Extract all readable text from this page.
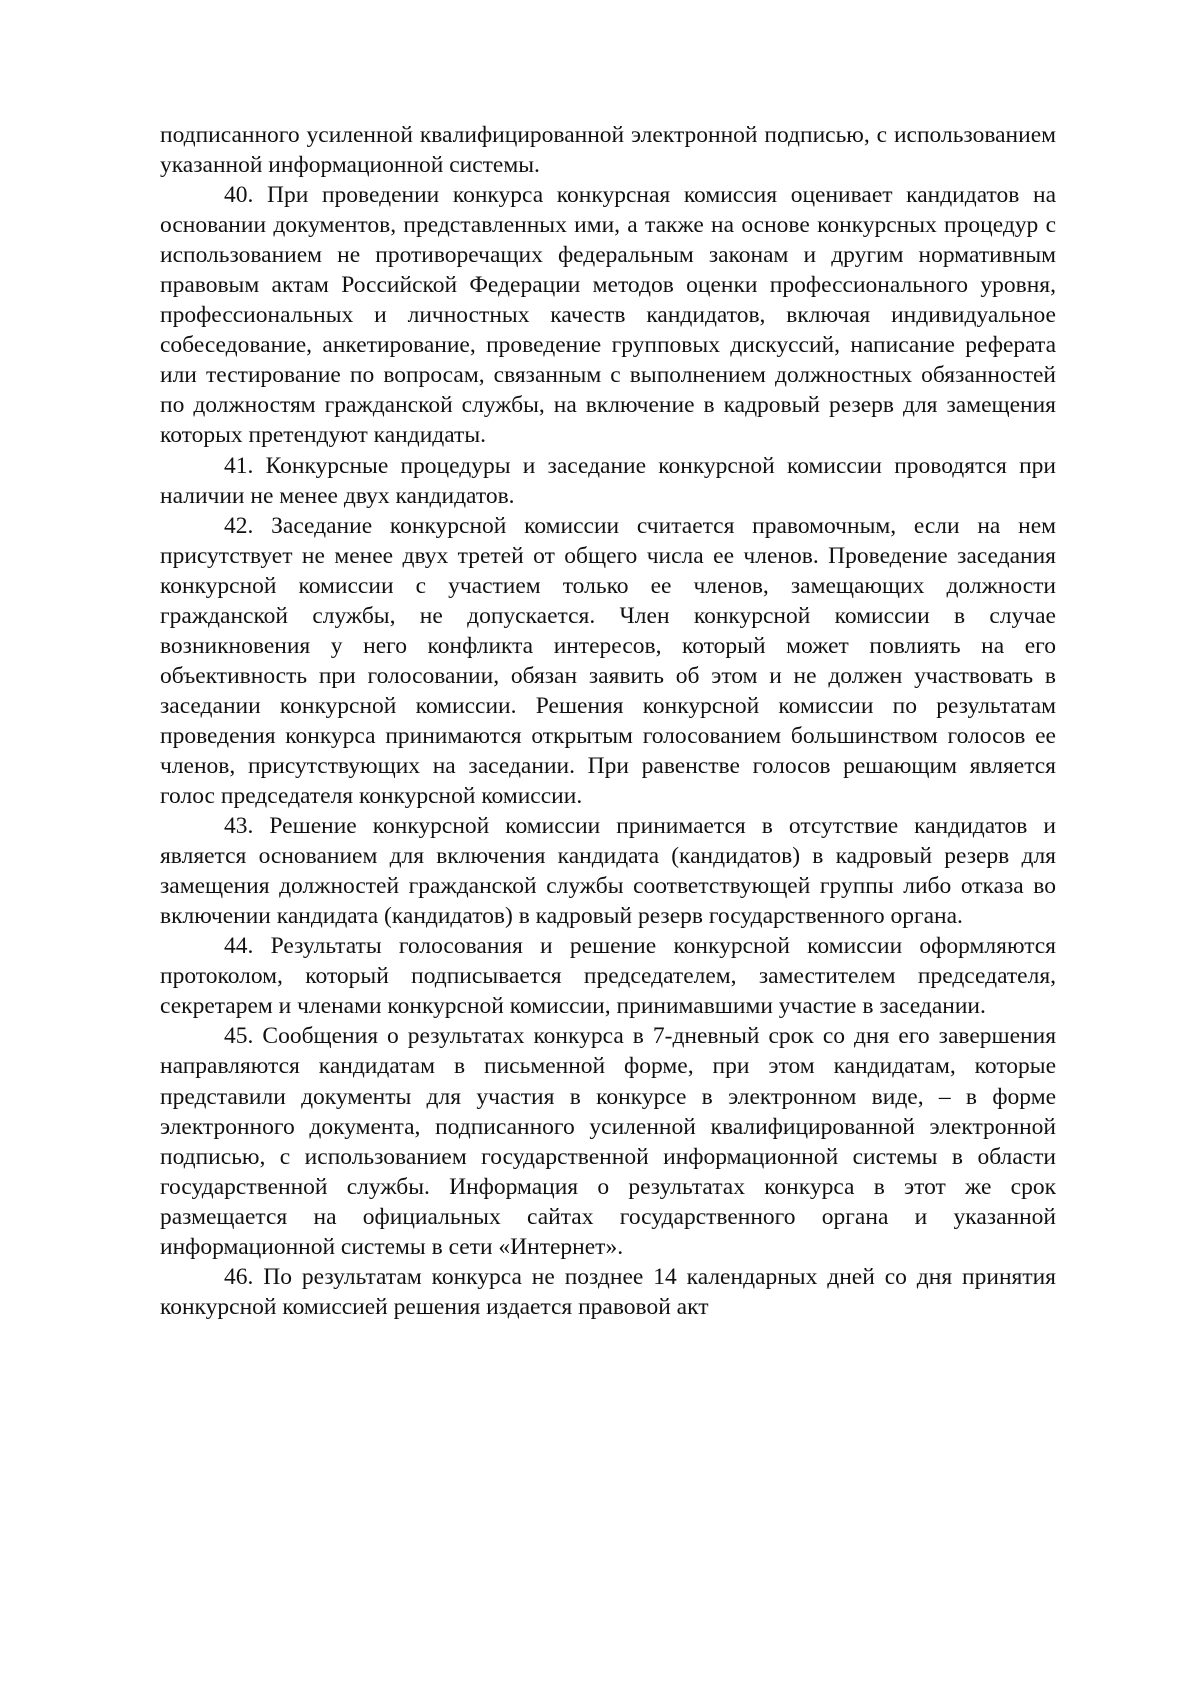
подписанного усиленной квалифицированной электронной подписью, с использованием указанной информационной системы.

40. При проведении конкурса конкурсная комиссия оценивает кандидатов на основании документов, представленных ими, а также на основе конкурсных процедур с использованием не противоречащих федеральным законам и другим нормативным правовым актам Российской Федерации методов оценки профессионального уровня, профессиональных и личностных качеств кандидатов, включая индивидуальное собеседование, анкетирование, проведение групповых дискуссий, написание реферата или тестирование по вопросам, связанным с выполнением должностных обязанностей по должностям гражданской службы, на включение в кадровый резерв для замещения которых претендуют кандидаты.

41. Конкурсные процедуры и заседание конкурсной комиссии проводятся при наличии не менее двух кандидатов.

42. Заседание конкурсной комиссии считается правомочным, если на нем присутствует не менее двух третей от общего числа ее членов. Проведение заседания конкурсной комиссии с участием только ее членов, замещающих должности гражданской службы, не допускается. Член конкурсной комиссии в случае возникновения у него конфликта интересов, который может повлиять на его объективность при голосовании, обязан заявить об этом и не должен участвовать в заседании конкурсной комиссии. Решения конкурсной комиссии по результатам проведения конкурса принимаются открытым голосованием большинством голосов ее членов, присутствующих на заседании. При равенстве голосов решающим является голос председателя конкурсной комиссии.

43. Решение конкурсной комиссии принимается в отсутствие кандидатов и является основанием для включения кандидата (кандидатов) в кадровый резерв для замещения должностей гражданской службы соответствующей группы либо отказа во включении кандидата (кандидатов) в кадровый резерв государственного органа.

44. Результаты голосования и решение конкурсной комиссии оформляются протоколом, который подписывается председателем, заместителем председателя, секретарем и членами конкурсной комиссии, принимавшими участие в заседании.

45. Сообщения о результатах конкурса в 7-дневный срок со дня его завершения направляются кандидатам в письменной форме, при этом кандидатам, которые представили документы для участия в конкурсе в электронном виде, – в форме электронного документа, подписанного усиленной квалифицированной электронной подписью, с использованием государственной информационной системы в области государственной службы. Информация о результатах конкурса в этот же срок размещается на официальных сайтах государственного органа и указанной информационной системы в сети «Интернет».

46. По результатам конкурса не позднее 14 календарных дней со дня принятия конкурсной комиссией решения издается правовой акт
